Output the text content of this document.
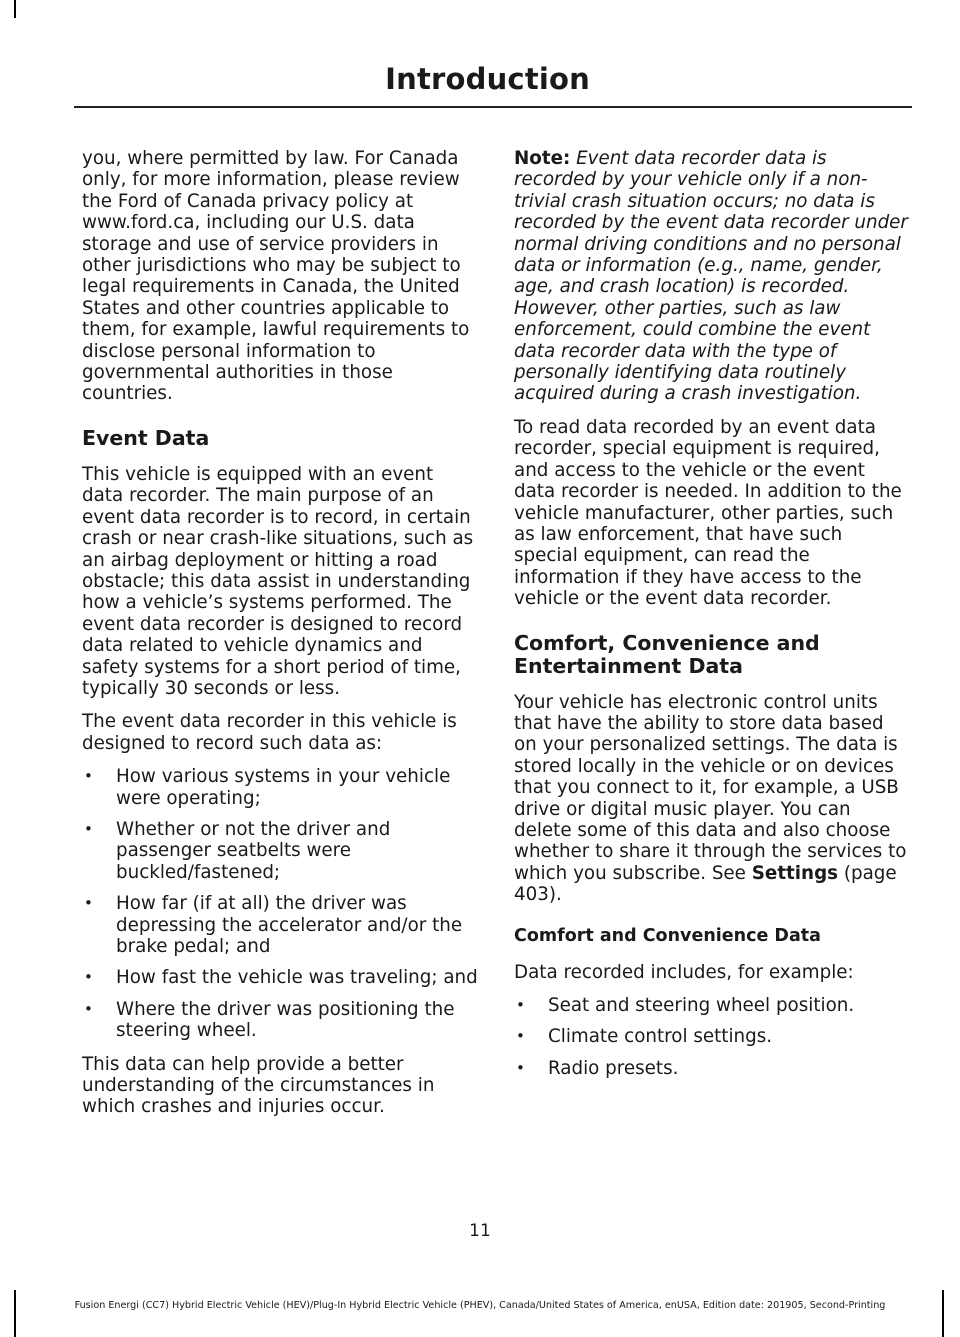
Introduction

you, where permitted by law. For Canada only, for more information, please review the Ford of Canada privacy policy at www.ford.ca, including our U.S. data storage and use of service providers in other jurisdictions who may be subject to legal requirements in Canada, the United States and other countries applicable to them, for example, lawful requirements to disclose personal information to governmental authorities in those countries.

Event Data

This vehicle is equipped with an event data recorder. The main purpose of an event data recorder is to record, in certain crash or near crash-like situations, such as an airbag deployment or hitting a road obstacle; this data assist in understanding how a vehicle’s systems performed. The event data recorder is designed to record data related to vehicle dynamics and safety systems for a short period of time, typically 30 seconds or less.

The event data recorder in this vehicle is designed to record such data as:

• How various systems in your vehicle were operating;
• Whether or not the driver and passenger seatbelts were buckled/fastened;
• How far (if at all) the driver was depressing the accelerator and/or the brake pedal; and
• How fast the vehicle was traveling; and
• Where the driver was positioning the steering wheel.

This data can help provide a better understanding of the circumstances in which crashes and injuries occur.

Note: Event data recorder data is recorded by your vehicle only if a non-trivial crash situation occurs; no data is recorded by the event data recorder under normal driving conditions and no personal data or information (e.g., name, gender, age, and crash location) is recorded. However, other parties, such as law enforcement, could combine the event data recorder data with the type of personally identifying data routinely acquired during a crash investigation.

To read data recorded by an event data recorder, special equipment is required, and access to the vehicle or the event data recorder is needed. In addition to the vehicle manufacturer, other parties, such as law enforcement, that have such special equipment, can read the information if they have access to the vehicle or the event data recorder.

Comfort, Convenience and Entertainment Data

Your vehicle has electronic control units that have the ability to store data based on your personalized settings. The data is stored locally in the vehicle or on devices that you connect to it, for example, a USB drive or digital music player. You can delete some of this data and also choose whether to share it through the services to which you subscribe. See Settings (page 403).

Comfort and Convenience Data

Data recorded includes, for example:

• Seat and steering wheel position.
• Climate control settings.
• Radio presets.

11

Fusion Energi (CC7) Hybrid Electric Vehicle (HEV)/Plug-In Hybrid Electric Vehicle (PHEV), Canada/United States of America, enUSA, Edition date: 201905, Second-Printing
